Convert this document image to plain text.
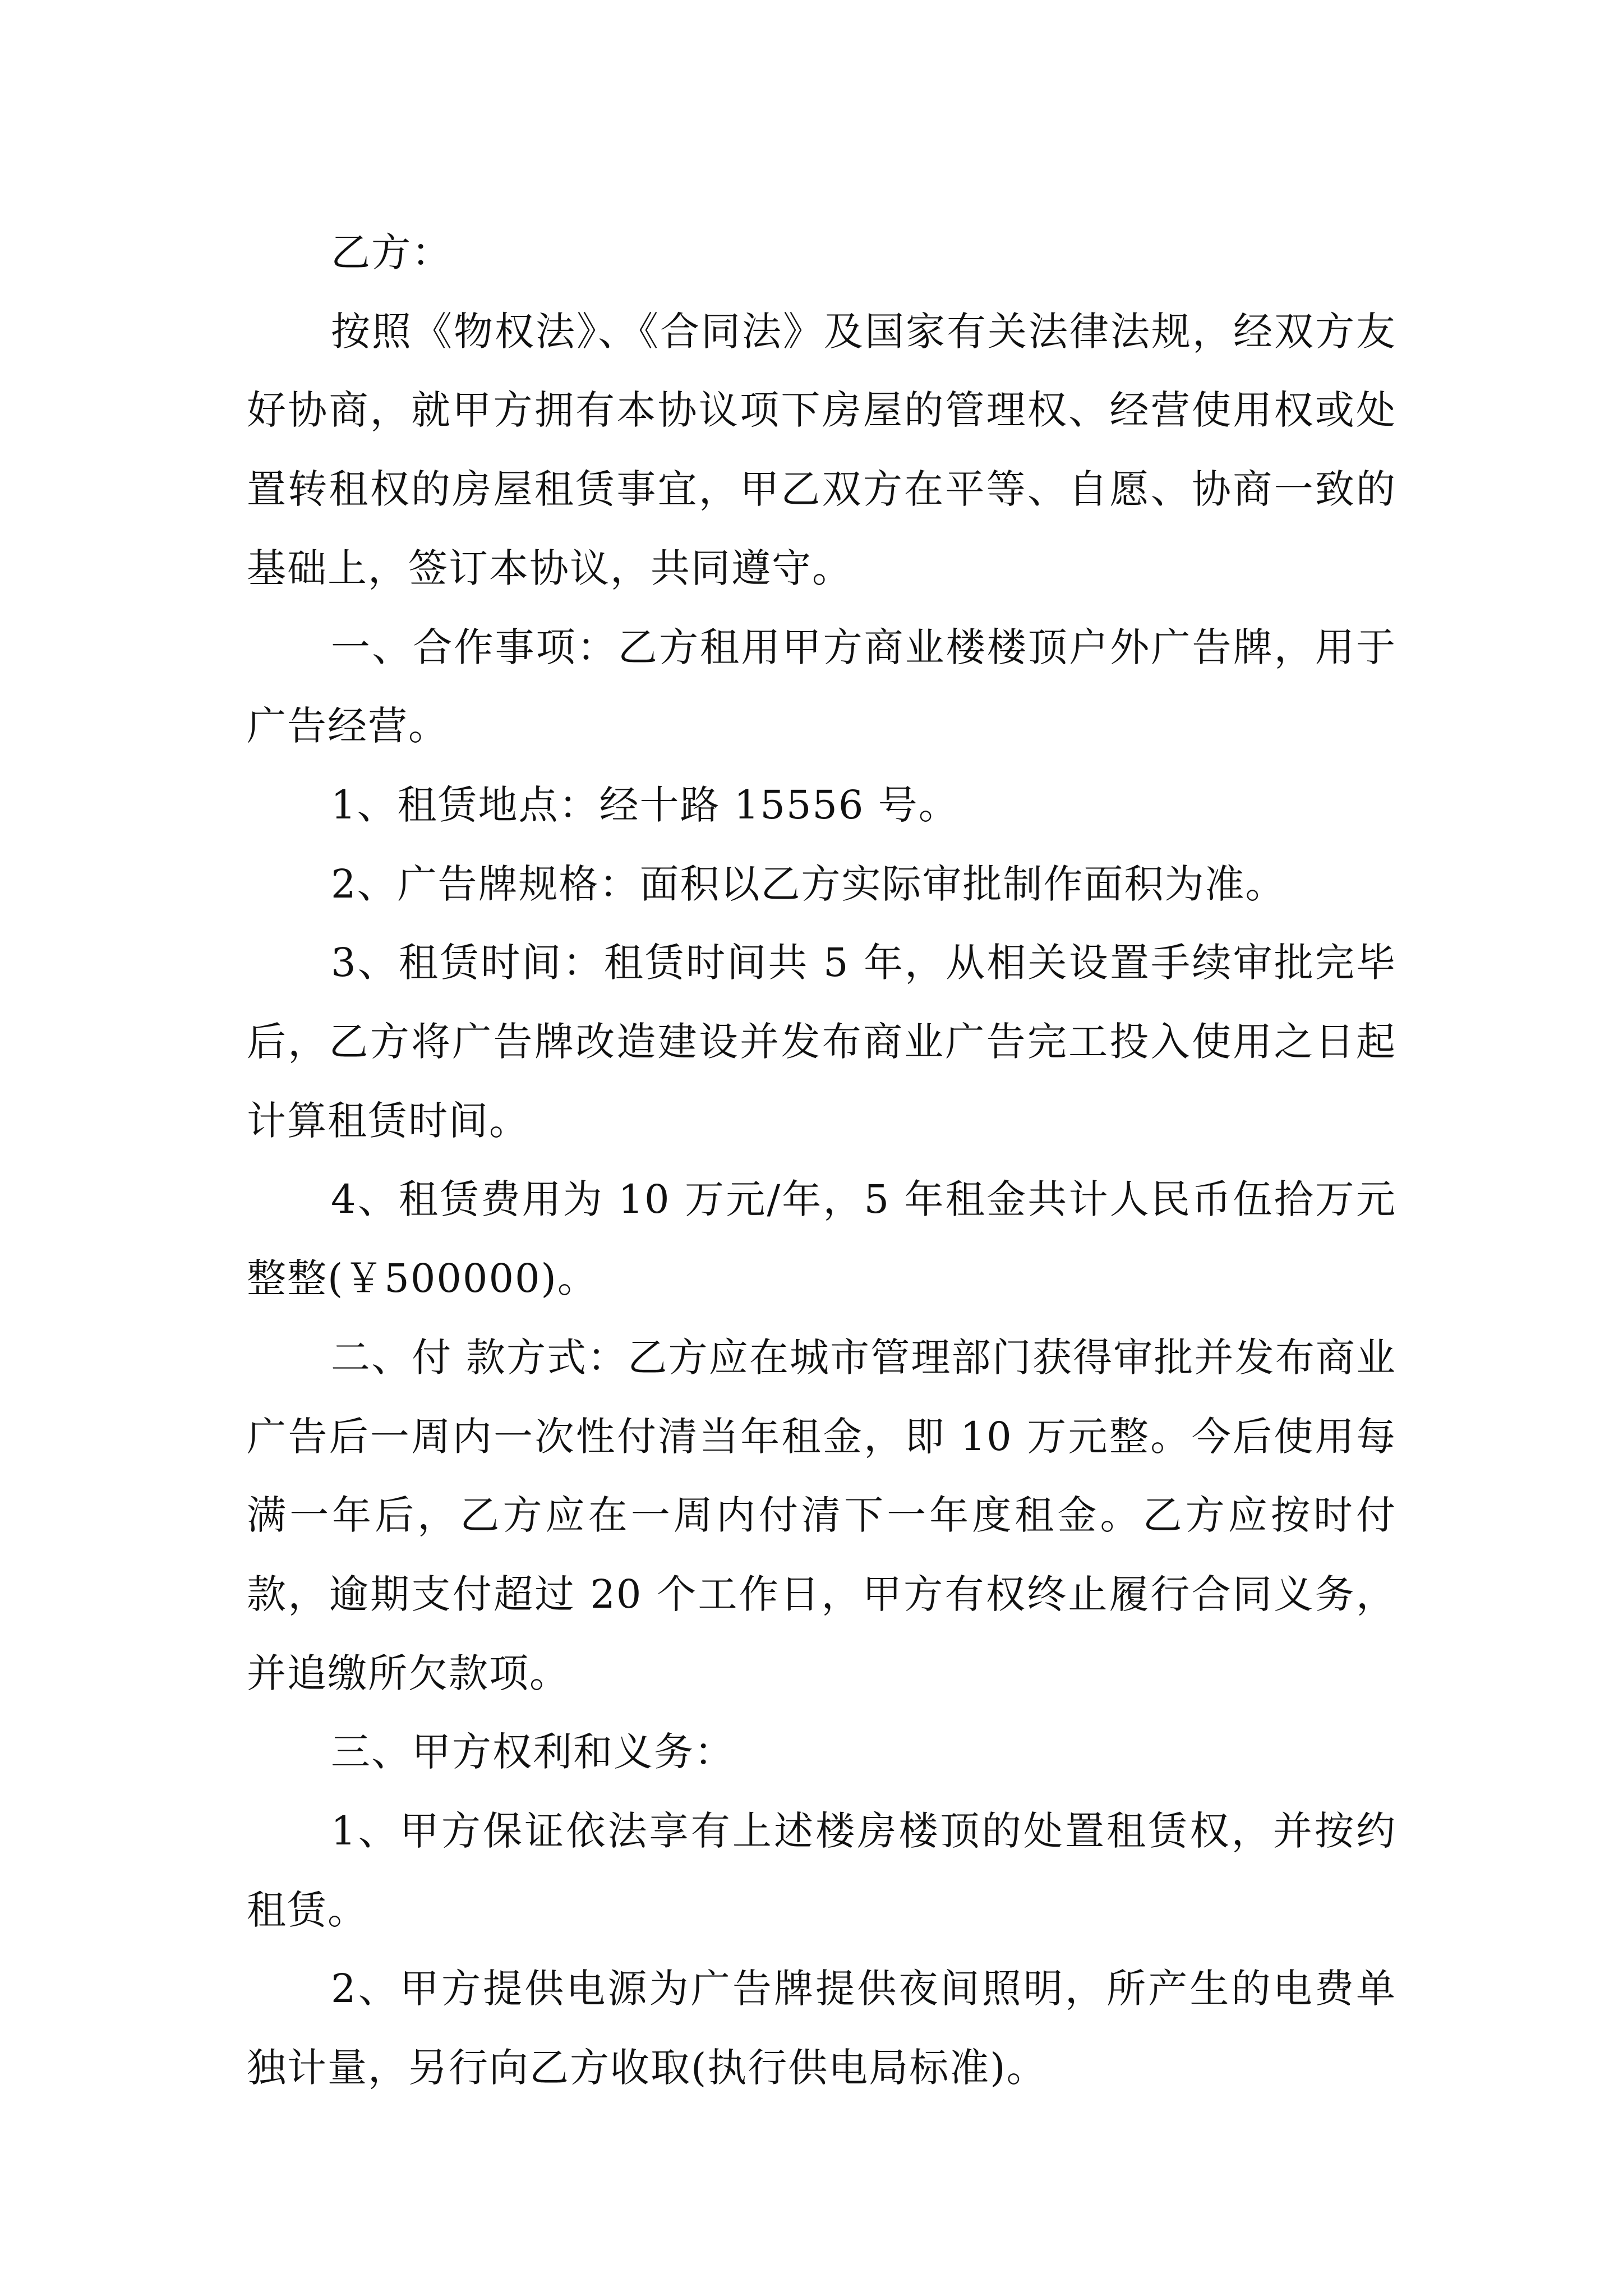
乙方：

按照《物权法》、《合同法》及国家有关法律法规，经双方友好协商，就甲方拥有本协议项下房屋的管理权、经营使用权或处置转租权的房屋租赁事宜，甲乙双方在平等、自愿、协商一致的基础上，签订本协议，共同遵守。

一、合作事项：乙方租用甲方商业楼楼顶户外广告牌，用于广告经营。

1、租赁地点：经十路 15556 号。

2、广告牌规格：面积以乙方实际审批制作面积为准。

3、租赁时间：租赁时间共 5 年，从相关设置手续审批完毕后，乙方将广告牌改造建设并发布商业广告完工投入使用之日起计算租赁时间。

4、租赁费用为 10 万元/年，5 年租金共计人民币伍拾万元整整(￥500000)。

二、付 款方式：乙方应在城市管理部门获得审批并发布商业广告后一周内一次性付清当年租金，即 10 万元整。今后使用每满一年后，乙方应在一周内付清下一年度租金。乙方应按时付款，逾期支付超过 20 个工作日，甲方有权终止履行合同义务，并追缴所欠款项。

三、甲方权利和义务：

1、甲方保证依法享有上述楼房楼顶的处置租赁权，并按约租赁。

2、甲方提供电源为广告牌提供夜间照明，所产生的电费单独计量，另行向乙方收取(执行供电局标准)。
